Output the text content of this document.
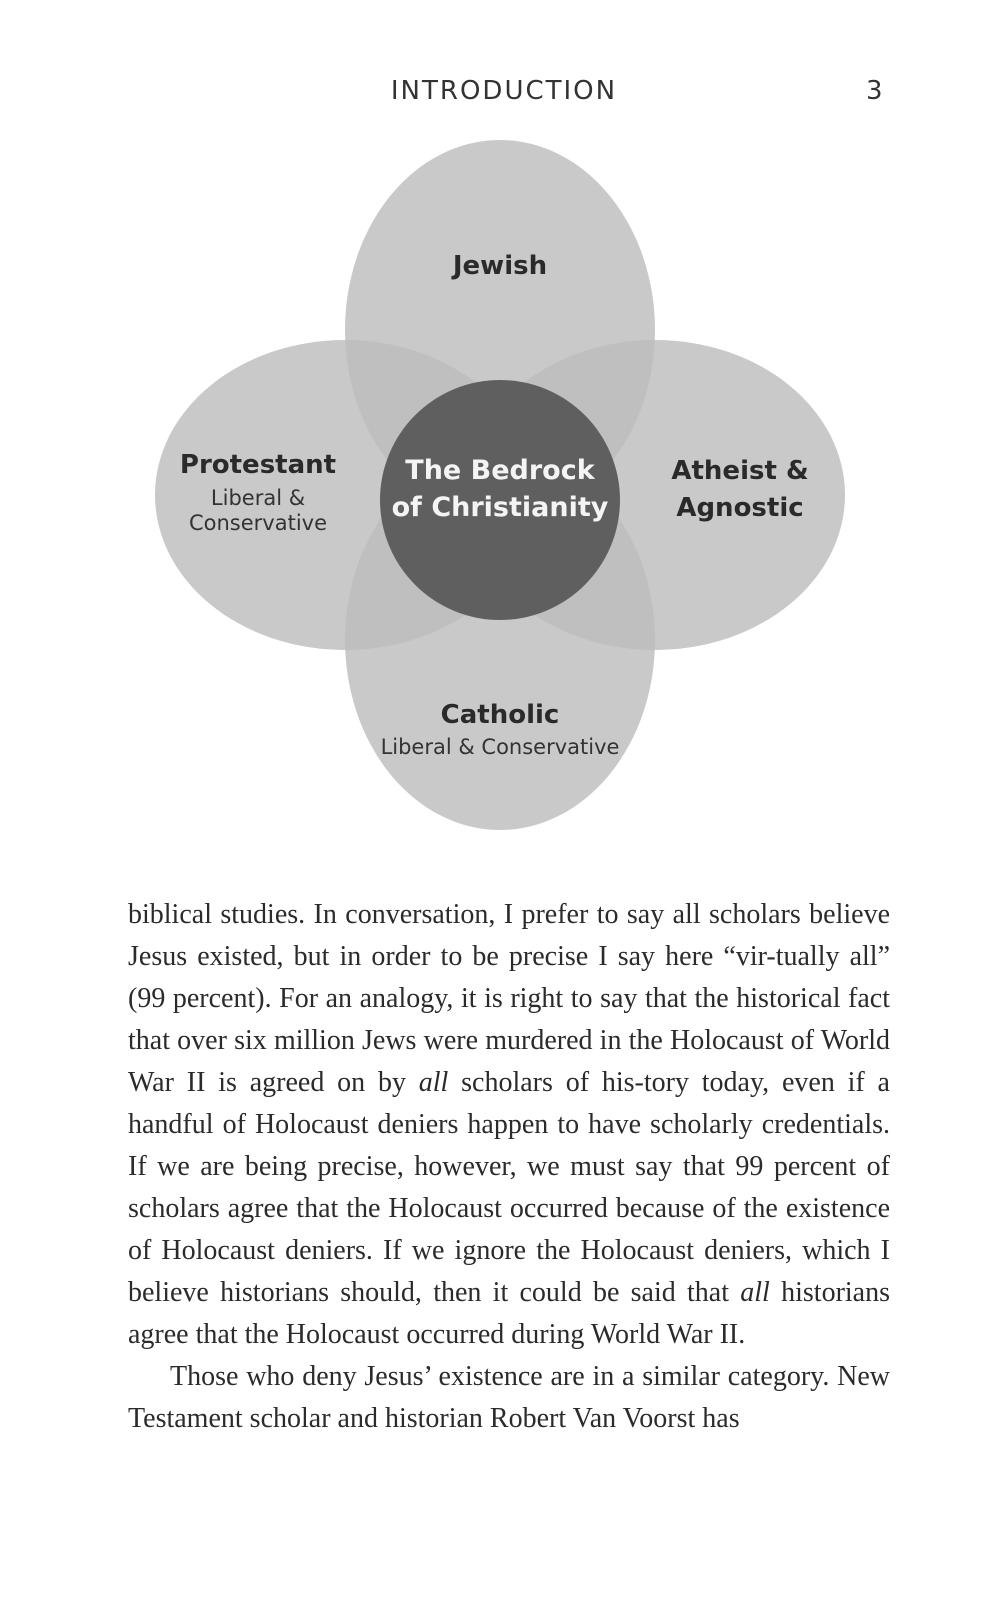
INTRODUCTION	3
Jewish
Protestant
Liberal &
Conservative
Atheist &
Agnostic
The Bedrock
of Christianity
Catholic
Liberal & Conservative

biblical studies. In conversation, I prefer to say all scholars believe Jesus existed, but in order to be precise I say here “vir-tually all” (99 percent). For an analogy, it is right to say that the historical fact that over six million Jews were murdered in the Holocaust of World War II is agreed on by all scholars of his-tory today, even if a handful of Holocaust deniers happen to have scholarly credentials. If we are being precise, however, we must say that 99 percent of scholars agree that the Holocaust occurred because of the existence of Holocaust deniers. If we ignore the Holocaust deniers, which I believe historians should, then it could be said that all historians agree that the Holocaust occurred during World War II.

Those who deny Jesus’ existence are in a similar category. New Testament scholar and historian Robert Van Voorst has
